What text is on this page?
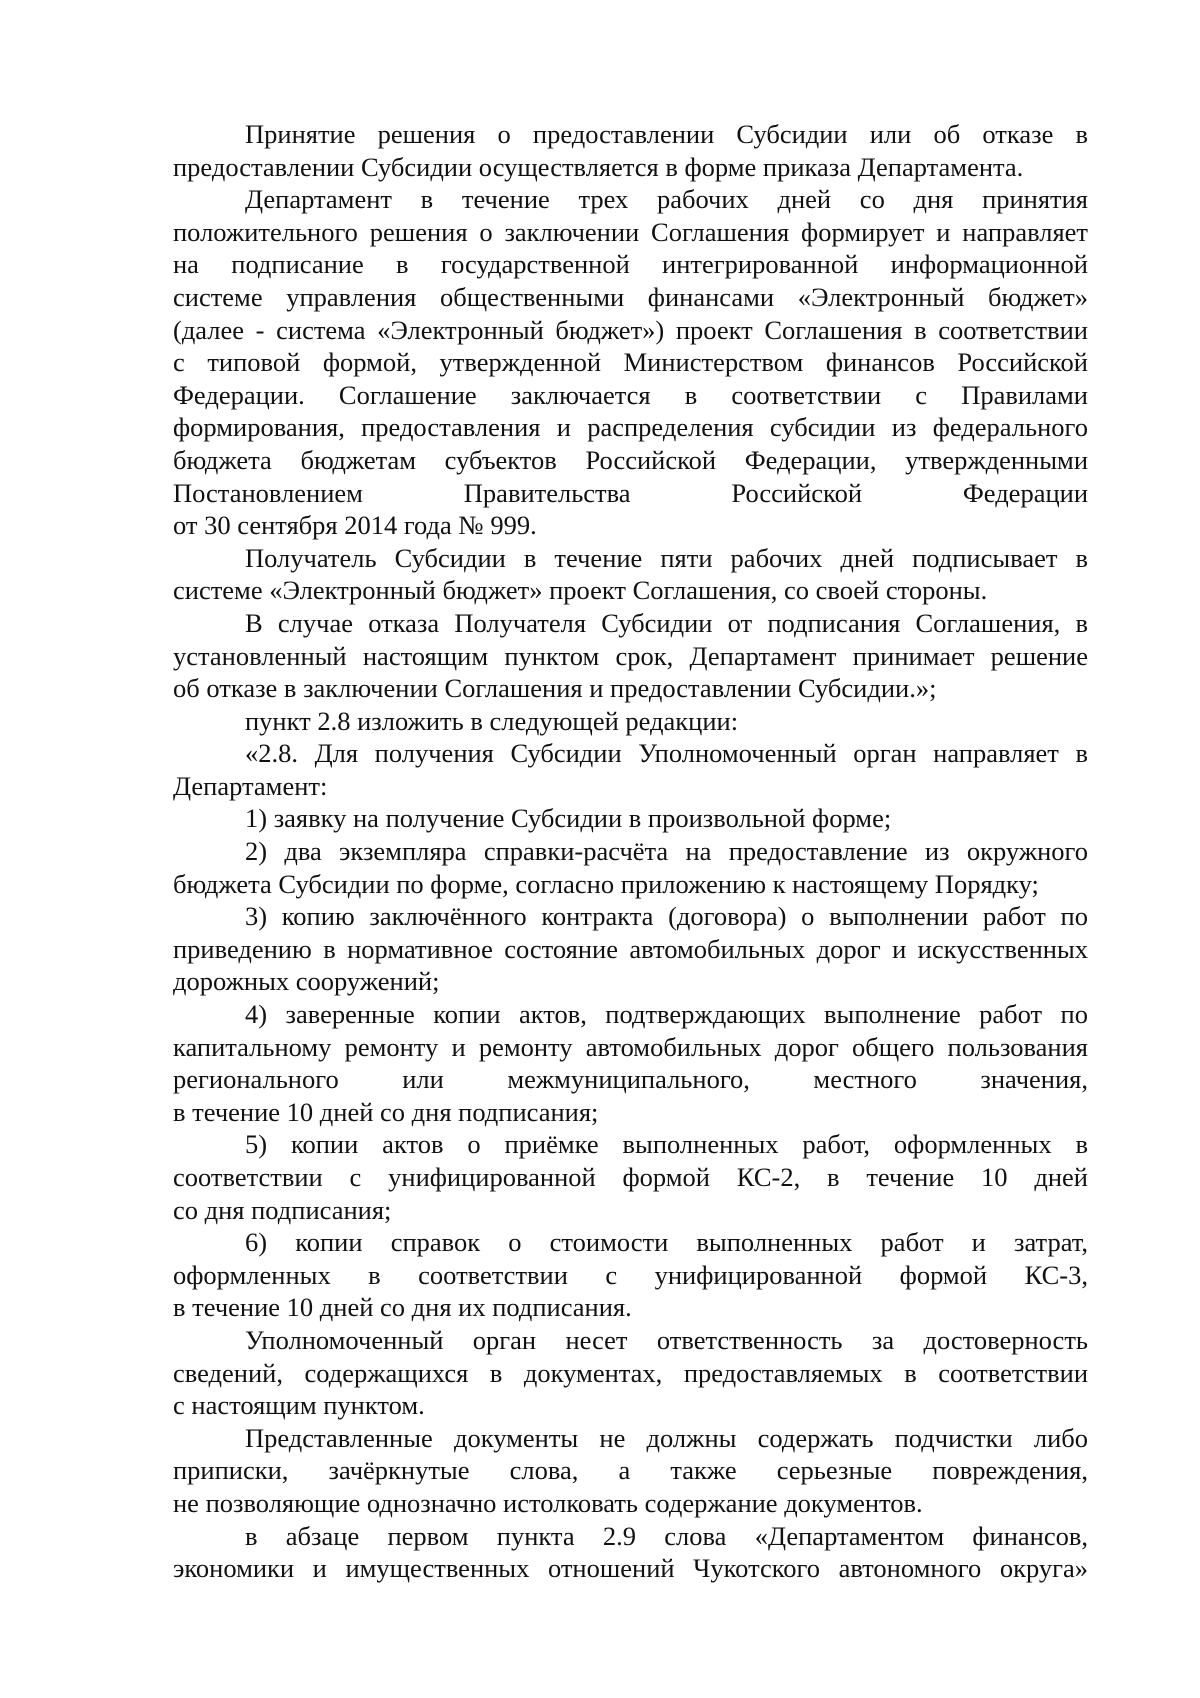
Принятие решения о предоставлении Субсидии или об отказе в
предоставлении Субсидии осуществляется в форме приказа Департамента.
Департамент в течение трех рабочих дней со дня принятия
положительного решения о заключении Соглашения формирует и направляет
на подписание в государственной интегрированной информационной
системе управления общественными финансами «Электронный бюджет»
(далее - система «Электронный бюджет») проект Соглашения в соответствии
с типовой формой, утвержденной Министерством финансов Российской
Федерации. Соглашение заключается в соответствии с Правилами
формирования, предоставления и распределения субсидии из федерального
бюджета бюджетам субъектов Российской Федерации, утвержденными
Постановлением Правительства Российской Федерации
от 30 сентября 2014 года № 999.
Получатель Субсидии в течение пяти рабочих дней подписывает в
системе «Электронный бюджет» проект Соглашения, со своей стороны.
В случае отказа Получателя Субсидии от подписания Соглашения, в
установленный настоящим пунктом срок, Департамент принимает решение
об отказе в заключении Соглашения и предоставлении Субсидии.»;
пункт 2.8 изложить в следующей редакции:
«2.8. Для получения Субсидии Уполномоченный орган направляет в
Департамент:
1) заявку на получение Субсидии в произвольной форме;
2) два экземпляра справки-расчёта на предоставление из окружного
бюджета Субсидии по форме, согласно приложению к настоящему Порядку;
3) копию заключённого контракта (договора) о выполнении работ по
приведению в нормативное состояние автомобильных дорог и искусственных
дорожных сооружений;
4) заверенные копии актов, подтверждающих выполнение работ по
капитальному ремонту и ремонту автомобильных дорог общего пользования
регионального или межмуниципального, местного значения,
в течение 10 дней со дня подписания;
5) копии актов о приёмке выполненных работ, оформленных в
соответствии с унифицированной формой КС-2, в течение 10 дней
со дня подписания;
6) копии справок о стоимости выполненных работ и затрат,
оформленных в соответствии с унифицированной формой КС-3,
в течение 10 дней со дня их подписания.
Уполномоченный орган несет ответственность за достоверность
сведений, содержащихся в документах, предоставляемых в соответствии
с настоящим пунктом.
Представленные документы не должны содержать подчистки либо
приписки, зачёркнутые слова, а также серьезные повреждения,
не позволяющие однозначно истолковать содержание документов.
в абзаце первом пункта 2.9 слова «Департаментом финансов,
экономики и имущественных отношений Чукотского автономного округа»
